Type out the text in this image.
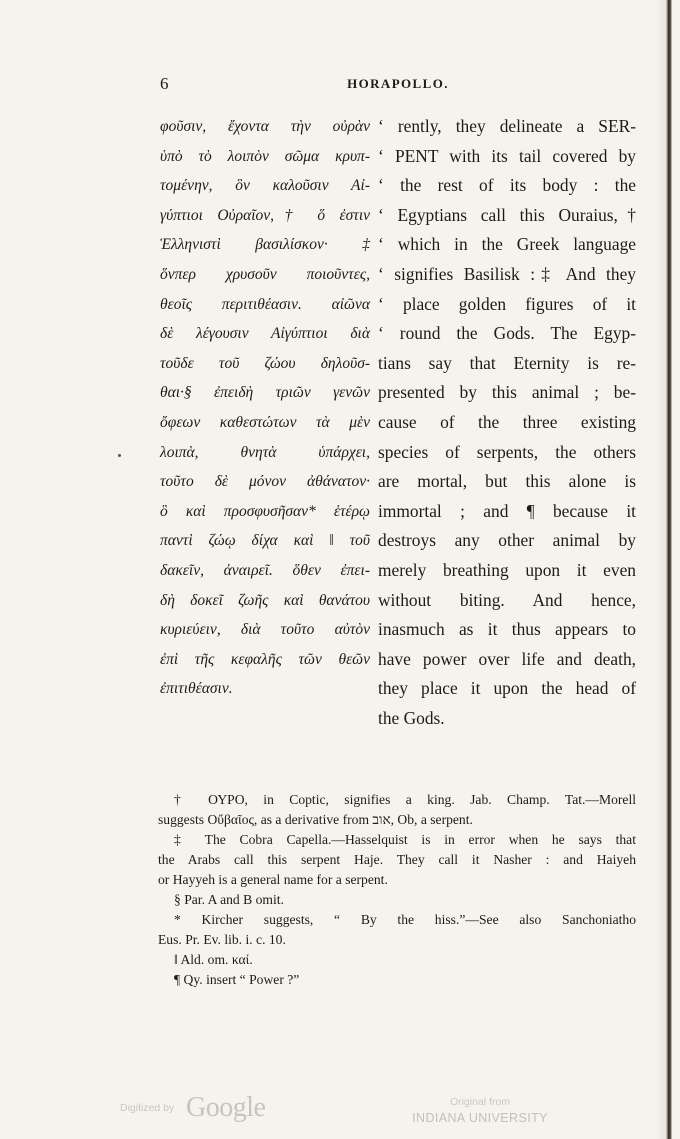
6	HORAPOLLO.
φοῦσιν, ἔχοντα τὴν οὐρὰν
ὑπὸ τὸ λοιπὸν σῶμα κρυπ-
τομένην, ὃν καλοῦσιν Αἰ-
γύπτιοι Οὐραῖον,† ὅ ἐστιν
Ἑλληνιστὶ βασιλίσκον· ‡
ὅνπερ χρυσοῦν ποιοῦντες,
θεοῖς περιτιθέασιν. αἰῶνα
δὲ λέγουσιν Αἰγύπτιοι διὰ
τοῦδε τοῦ ζώου δηλοῦσ-
θαι·§ ἐπειδὴ τριῶν γενῶν
ὄφεων καθεστώτων τὰ μὲν
λοιπὰ, θνητὰ ὑπάρχει,
τοῦτο δὲ μόνον ἀθάνατον·
ὃ καὶ προσφυσῆσαν* ἑτέρῳ
παντὶ ζώῳ δίχα καὶ ‖ τοῦ
δακεῖν, ἀναιρεῖ. ὅθεν ἐπει-
δὴ δοκεῖ ζωῆς καὶ θανάτου
κυριεύειν, διὰ τοῦτο αὐτὸν
ἐπὶ τῆς κεφαλῆς τῶν θεῶν
ἐπιτιθέασιν.
‘ rently, they delineate a SER-
‘ PENT with its tail covered by
‘ the rest of its body : the
‘ Egyptians call this Ouraius,†
‘ which in the Greek language
‘ signifies Basilisk :‡ And they
‘ place golden figures of it
‘ round the Gods. The Egyp-
tians say that Eternity is re-
presented by this animal ; be-
cause of the three existing
species of serpents, the others
are mortal, but this alone is
immortal ; and ¶ because it
destroys any other animal by
merely breathing upon it even
without biting. And hence,
inasmuch as it thus appears to
have power over life and death,
they place it upon the head of
the Gods.
† ΟΥΡΟ, in Coptic, signifies a king. Jab. Champ. Tat.—Morell
suggests Οὔβαῖος, as a derivative from אוב, Ob, a serpent.
‡ The Cobra Capella.—Hasselquist is in error when he says that
the Arabs call this serpent Haje. They call it Nasher : and Haiyeh
or Hayyeh is a general name for a serpent.
§ Par. A and B omit.
* Kircher suggests, “ By the hiss.”—See also Sanchoniatho
Eus. Pr. Ev. lib. i. c. 10.
‖ Ald. om. καί.
¶ Qy. insert “ Power ?”
Digitized by Google	Original from
INDIANA UNIVERSITY
